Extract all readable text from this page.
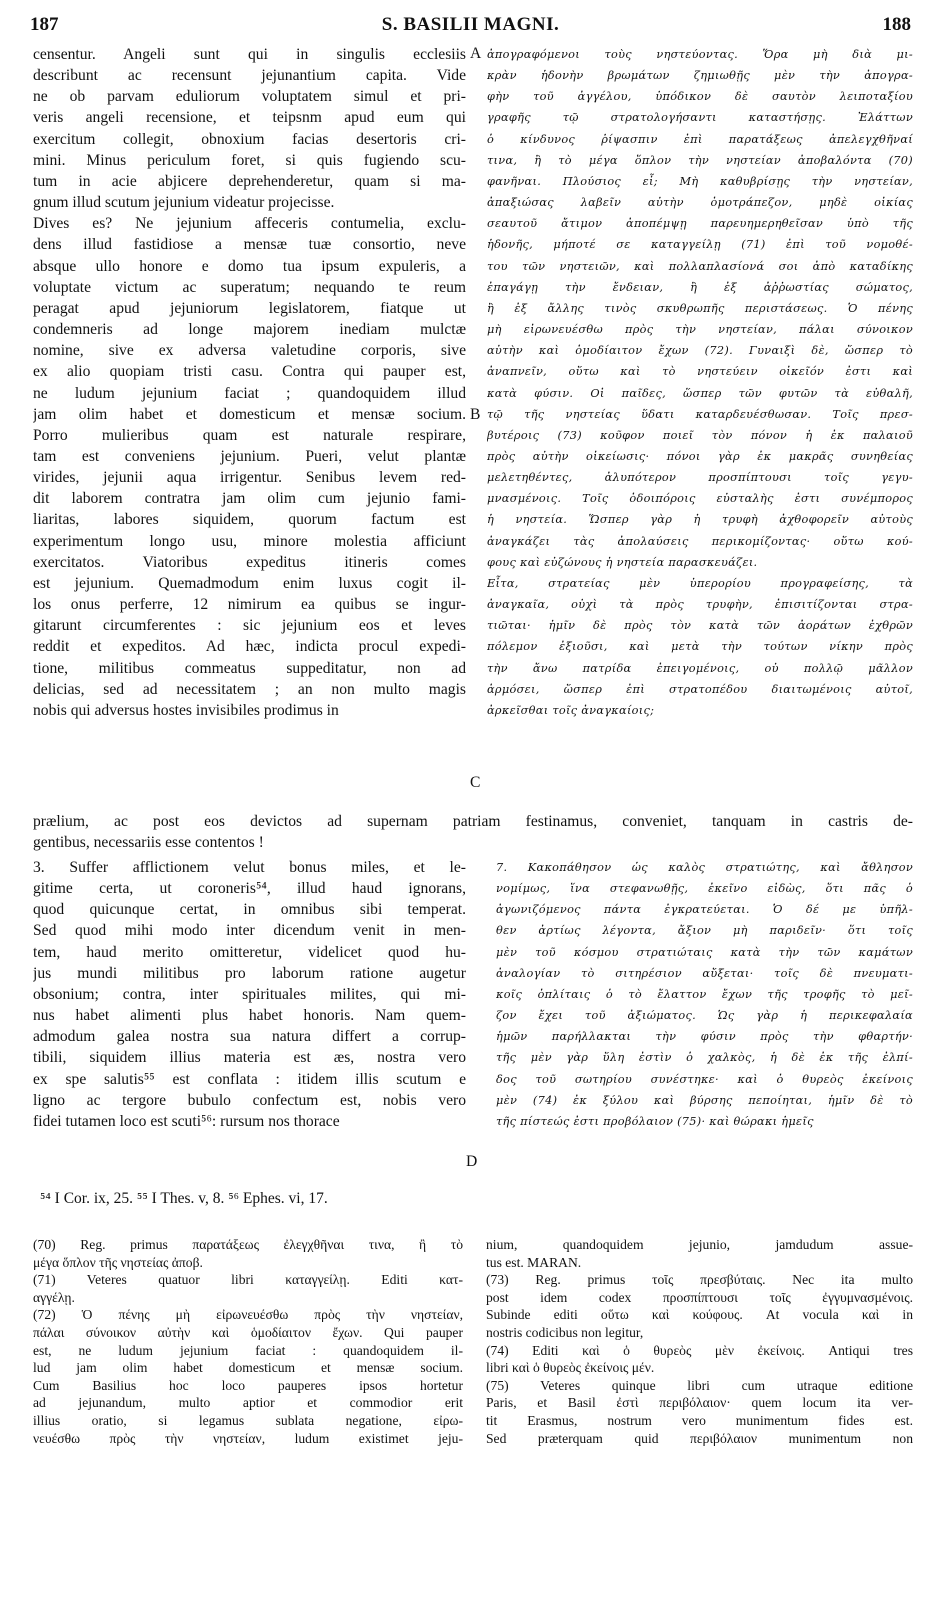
187	S. BASILII MAGNI.	188
censentur. Angeli sunt qui in singulis ecclesiis
describunt ac recensunt jejunantium capita. Vide
ne ob parvam eduliorum voluptatem simul et pri-
veris angeli recensione, et teipsnm apud eum qui
exercitum collegit, obnoxium facias desertoris cri-
mini. Minus periculum foret, si quis fugiendo scu-
tum in acie abjicere deprehenderetur, quam si ma-
gnum illud scutum jejunium videatur projecisse.
Dives es? Ne jejunium affeceris contumelia, exclu-
dens illud fastidiose a mensæ tuæ consortio, neve
absque ullo honore e domo tua ipsum expuleris, a
voluptate victum ac superatum; nequando te reum
peragat apud jejuniorum legislatorem, fiatque ut
condemneris ad longe majorem inediam mulctæ
nomine, sive ex adversa valetudine corporis, sive
ex alio quopiam tristi casu. Contra qui pauper est,
ne ludum jejunium faciat ; quandoquidem illud
jam olim habet et domesticum et mensæ socium.
Porro mulieribus quam est naturale respirare,
tam est conveniens jejunium. Pueri, velut plantæ
virides, jejunii aqua irrigentur. Senibus levem red-
dit laborem contratra jam olim cum jejunio fami-
liaritas, labores siquidem, quorum factum est
experimentum longo usu, minore molestia afficiunt
exercitatos. Viatoribus expeditus itineris comes
est jejunium. Quemadmodum enim luxus cogit il-
los onus perferre, 12 nimirum ea quibus se ingur-
gitarunt circumferentes : sic jejunium eos et leves
reddit et expeditos. Ad hæc, indicta procul expedi-
tione, militibus commeatus suppeditatur, non ad
delicias, sed ad necessitatem ; an non multo magis
nobis qui adversus hostes invisibiles prodimus in
ἀπογραφόμενοι τοὺς νηστεύοντας. Ὅρα μὴ διὰ μι-
κρὰν ἡδονὴν βρωμάτων ζημιωθῇς μὲν τὴν ἀπογρα-
φὴν τοῦ ἀγγέλου, ὑπόδικον δὲ σαυτὸν λειποταξίου
γραφῆς τῷ στρατολογήσαντι καταστήσῃς. Ἐλάττων
ὁ κίνδυνος ῥίψασπιν ἐπὶ παρατάξεως ἀπελεγχθῆναί
τινα, ἢ τὸ μέγα ὅπλον τὴν νηστείαν ἀποβαλόντα (70)
φανῆναι. Πλούσιος εἶ; Μὴ καθυβρίσῃς τὴν νηστείαν,
ἀπαξιώσας λαβεῖν αὐτὴν ὁμοτράπεζον, μηδὲ οἰκίας
σεαυτοῦ ἄτιμον ἀποπέμψῃ παρευημερηθεῖσαν ὑπὸ τῆς
ἡδονῆς, μήποτέ σε καταγγείλῃ (71) ἐπὶ τοῦ νομοθέ-
του τῶν νηστειῶν, καὶ πολλαπλασίονά σοι ἀπὸ καταδίκης
ἐπαγάγῃ τὴν ἔνδειαν, ἢ ἐξ ἀῤῥωστίας σώματος,
ἢ ἐξ ἄλλης τινὸς σκυθρωπῆς περιστάσεως. Ὁ πένης
μὴ εἰρωνευέσθω πρὸς τὴν νηστείαν, πάλαι σύνοικον
αὐτὴν καὶ ὁμοδίαιτον ἔχων (72). Γυναιξὶ δὲ, ὥσπερ τὸ
ἀναπνεῖν, οὕτω καὶ τὸ νηστεύειν οἰκεῖόν ἐστι καὶ
κατὰ φύσιν. Οἱ παῖδες, ὥσπερ τῶν φυτῶν τὰ εὐθαλῆ,
τῷ τῆς νηστείας ὕδατι καταρδευέσθωσαν. Τοῖς πρεσ-
βυτέροις (73) κοῦφον ποιεῖ τὸν πόνον ἡ ἐκ παλαιοῦ
πρὸς αὐτὴν οἰκείωσις· πόνοι γὰρ ἐκ μακρᾶς συνηθείας
μελετηθέντες, ἀλυπότερον προσπίπτουσι τοῖς γεγυ-
μνασμένοις. Τοῖς ὁδοιπόροις εὐσταλὴς ἐστι συνέμπορος
ἡ νηστεία. Ὥσπερ γὰρ ἡ τρυφὴ ἀχθοφορεῖν αὐτοὺς
ἀναγκάζει τὰς ἀπολαύσεις περικομίζοντας· οὕτω κού-
φους καὶ εὐζώνους ἡ νηστεία παρασκευάζει.
Εἶτα, στρατείας μὲν ὑπερορίου προγραφείσης, τὰ
ἀναγκαῖα, οὐχὶ τὰ πρὸς τρυφὴν, ἐπισιτίζονται στρα-
τιῶται· ἡμῖν δὲ πρὸς τὸν κατὰ τῶν ἀοράτων ἐχθρῶν
πόλεμον ἐξιοῦσι, καὶ μετὰ τὴν τούτων νίκην πρὸς
τὴν ἄνω πατρίδα ἐπειγομένοις, οὐ πολλῷ μᾶλλον
ἁρμόσει, ὥσπερ ἐπὶ στρατοπέδου διαιτωμένοις αὐτοῖ,
ἀρκεῖσθαι τοῖς ἀναγκαίοις;
A
B
C
D
prælium, ac post eos devictos ad supernam patriam festinamus, conveniet, tanquam in castris de-
gentibus, necessariis esse contentos !
3. Suffer afflictionem velut bonus miles, et le-
gitime certa, ut coroneris⁵⁴, illud haud ignorans,
quod quicunque certat, in omnibus sibi temperat.
Sed quod mihi modo inter dicendum venit in men-
tem, haud merito omitteretur, videlicet quod hu-
jus mundi militibus pro laborum ratione augetur
obsonium; contra, inter spirituales milites, qui mi-
nus habet alimenti plus habet honoris. Nam quem-
admodum galea nostra sua natura differt a corrup-
tibili, siquidem illius materia est æs, nostra vero
ex spe salutis⁵⁵ est conflata : itidem illis scutum e
ligno ac tergore bubulo confectum est, nobis vero
fidei tutamen loco est scuti⁵⁶: rursum nos thorace
7. Κακοπάθησον ὡς καλὸς στρατιώτης, καὶ ἄθλησον
νομίμως, ἵνα στεφανωθῇς, ἐκεῖνο εἰδὼς, ὅτι πᾶς ὁ
ἀγωνιζόμενος πάντα ἐγκρατεύεται. Ὁ δέ με ὑπῆλ-
θεν ἀρτίως λέγοντα, ἄξιον μὴ παριδεῖν· ὅτι τοῖς
μὲν τοῦ κόσμου στρατιώταις κατὰ τὴν τῶν καμάτων
ἀναλογίαν τὸ σιτηρέσιον αὔξεται· τοῖς δὲ πνευματι-
κοῖς ὁπλίταις ὁ τὸ ἔλαττον ἔχων τῆς τροφῆς τὸ μεῖ-
ζον ἔχει τοῦ ἀξιώματος. Ὡς γὰρ ἡ περικεφαλαία
ἡμῶν παρήλλακται τὴν φύσιν πρὸς τὴν φθαρτήν·
τῆς μὲν γὰρ ὕλη ἐστὶν ὁ χαλκὸς, ἡ δὲ ἐκ τῆς ἐλπί-
δος τοῦ σωτηρίου συνέστηκε· καὶ ὁ θυρεὸς ἐκείνοις
μὲν (74) ἐκ ξύλου καὶ βύρσης πεποίηται, ἡμῖν δὲ τὸ
τῆς πίστεώς ἐστι προβόλαιον (75)· καὶ θώρακι ἡμεῖς
⁵⁴ I Cor. ix, 25. ⁵⁵ I Thes. v, 8. ⁵⁶ Ephes. vi, 17.
(70) Reg. primus παρατάξεως ἐλεγχθῆναι τινα, ἢ τὸ
μέγα ὅπλον τῆς νηστείας ἀποβ.
(71) Veteres quatuor libri καταγγείλῃ. Editi κατ-
αγγέλῃ.
(72) Ὁ πένης μὴ εἰρωνευέσθω πρὸς τὴν νηστείαν,
πάλαι σύνοικον αὐτὴν καὶ ὁμοδίαιτον ἔχων. Qui pauper
est, ne ludum jejunium faciat : quandoquidem il-
lud jam olim habet domesticum et mensæ socium.
Cum Basilius hoc loco pauperes ipsos hortetur
ad jejunandum, multo aptior et commodior erit
illius oratio, si legamus sublata negatione, εἰρω-
νευέσθω πρὸς τὴν νηστείαν, ludum existimet jeju-
nium, quandoquidem jejunio, jamdudum assue-
tus est. MARAN.
(73) Reg. primus τοῖς πρεσβύταις. Nec ita multo
post idem codex προσπίπτουσι τοῖς ἐγγυμνασμένοις.
Subinde editi οὕτω καὶ κούφους. At vocula καὶ in
nostris codicibus non legitur,
(74) Editi καὶ ὁ θυρεὸς μὲν ἐκείνοις. Antiqui tres
libri καὶ ὁ θυρεὸς ἐκείνοις μέν.
(75) Veteres quinque libri cum utraque editione
Paris, et Basil ἐστὶ περιβόλαιον· quem locum ita ver-
tit Erasmus, nostrum vero munimentum fides est.
Sed præterquam quid περιβόλαιον munimentum non
